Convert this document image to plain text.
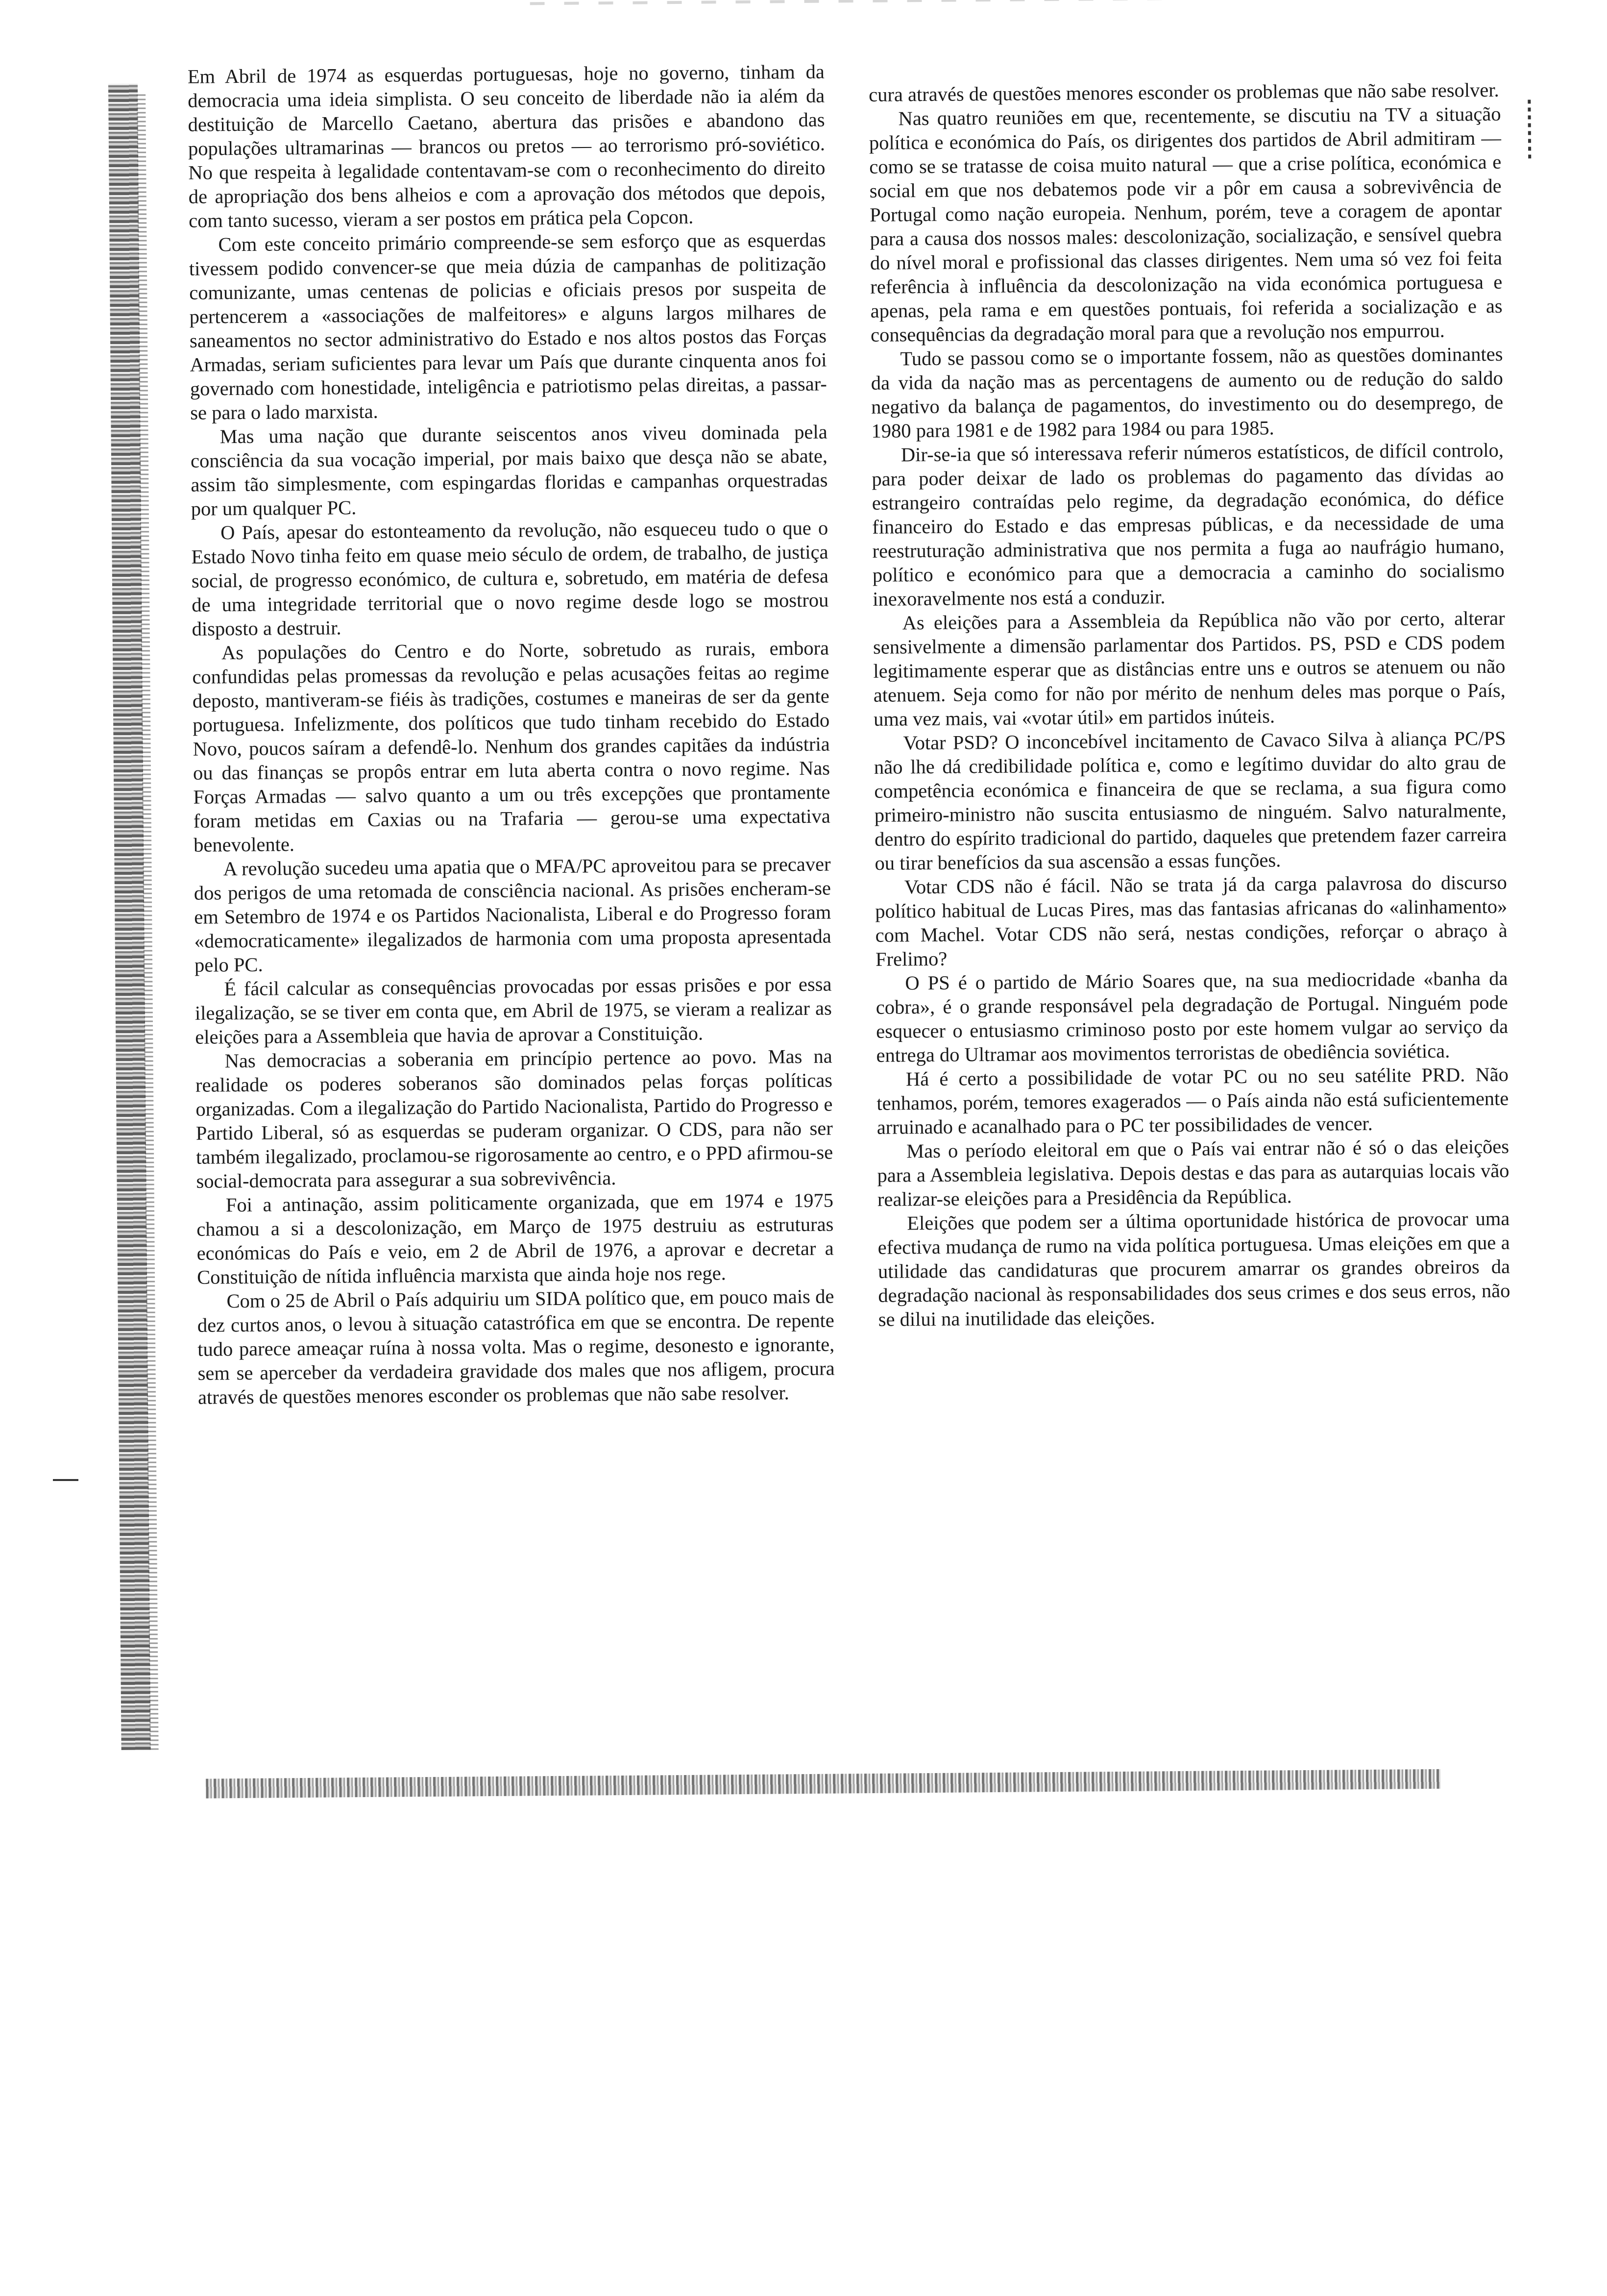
Em Abril de 1974 as esquerdas portuguesas, hoje no governo, tinham da democracia uma ideia simplista. O seu conceito de liberdade não ia além da destituição de Marcello Caetano, abertura das prisões e abandono das populações ultramarinas — brancos ou pretos — ao terrorismo pró-soviético. No que respeita à legalidade contentavam-se com o reconhecimento do direito de apropriação dos bens alheios e com a aprovação dos métodos que depois, com tanto sucesso, vieram a ser postos em prática pela Copcon.

Com este conceito primário compreende-se sem esforço que as esquerdas tivessem podido convencer-se que meia dúzia de campanhas de politização comunizante, umas centenas de policias e oficiais presos por suspeita de pertencerem a «associações de malfeitores» e alguns largos milhares de saneamentos no sector administrativo do Estado e nos altos postos das Forças Armadas, seriam suficientes para levar um País que durante cinquenta anos foi governado com honestidade, inteligência e patriotismo pelas direitas, a passar-se para o lado marxista.

Mas uma nação que durante seiscentos anos viveu dominada pela consciência da sua vocação imperial, por mais baixo que desça não se abate, assim tão simplesmente, com espingardas floridas e campanhas orquestradas por um qualquer PC.

O País, apesar do estonteamento da revolução, não esqueceu tudo o que o Estado Novo tinha feito em quase meio século de ordem, de trabalho, de justiça social, de progresso económico, de cultura e, sobretudo, em matéria de defesa de uma integridade territorial que o novo regime desde logo se mostrou disposto a destruir.

As populações do Centro e do Norte, sobretudo as rurais, embora confundidas pelas promessas da revolução e pelas acusações feitas ao regime deposto, mantiveram-se fiéis às tradições, costumes e maneiras de ser da gente portuguesa. Infelizmente, dos políticos que tudo tinham recebido do Estado Novo, poucos saíram a defendê-lo. Nenhum dos grandes capitães da indústria ou das finanças se propôs entrar em luta aberta contra o novo regime. Nas Forças Armadas — salvo quanto a um ou três excepções que prontamente foram metidas em Caxias ou na Trafaria — gerou-se uma expectativa benevolente.

A revolução sucedeu uma apatia que o MFA/PC aproveitou para se precaver dos perigos de uma retomada de consciência nacional. As prisões encheram-se em Setembro de 1974 e os Partidos Nacionalista, Liberal e do Progresso foram «democraticamente» ilegalizados de harmonia com uma proposta apresentada pelo PC.

É fácil calcular as consequências provocadas por essas prisões e por essa ilegalização, se se tiver em conta que, em Abril de 1975, se vieram a realizar as eleições para a Assembleia que havia de aprovar a Constituição.

Nas democracias a soberania em princípio pertence ao povo. Mas na realidade os poderes soberanos são dominados pelas forças políticas organizadas. Com a ilegalização do Partido Nacionalista, Partido do Progresso e Partido Liberal, só as esquerdas se puderam organizar. O CDS, para não ser também ilegalizado, proclamou-se rigorosamente ao centro, e o PPD afirmou-se social-democrata para assegurar a sua sobrevivência.

Foi a antinação, assim politicamente organizada, que em 1974 e 1975 chamou a si a descolonização, em Março de 1975 destruiu as estruturas económicas do País e veio, em 2 de Abril de 1976, a aprovar e decretar a Constituição de nítida influência marxista que ainda hoje nos rege.

Com o 25 de Abril o País adquiriu um SIDA político que, em pouco mais de dez curtos anos, o levou à situação catastrófica em que se encontra. De repente tudo parece ameaçar ruína à nossa volta. Mas o regime, desonesto e ignorante, sem se aperceber da verdadeira gravidade dos males que nos afligem, procura através de questões menores esconder os problemas que não sabe resolver.

cura através de questões menores esconder os problemas que não sabe resolver.

Nas quatro reuniões em que, recentemente, se discutiu na TV a situação política e económica do País, os dirigentes dos partidos de Abril admitiram — como se se tratasse de coisa muito natural — que a crise política, económica e social em que nos debatemos pode vir a pôr em causa a sobrevivência de Portugal como nação europeia. Nenhum, porém, teve a coragem de apontar para a causa dos nossos males: descolonização, socialização, e sensível quebra do nível moral e profissional das classes dirigentes. Nem uma só vez foi feita referência à influência da descolonização na vida económica portuguesa e apenas, pela rama e em questões pontuais, foi referida a socialização e as consequências da degradação moral para que a revolução nos empurrou.

Tudo se passou como se o importante fossem, não as questões dominantes da vida da nação mas as percentagens de aumento ou de redução do saldo negativo da balança de pagamentos, do investimento ou do desemprego, de 1980 para 1981 e de 1982 para 1984 ou para 1985.

Dir-se-ia que só interessava referir números estatísticos, de difícil controlo, para poder deixar de lado os problemas do pagamento das dívidas ao estrangeiro contraídas pelo regime, da degradação económica, do défice financeiro do Estado e das empresas públicas, e da necessidade de uma reestruturação administrativa que nos permita a fuga ao naufrágio humano, político e económico para que a democracia a caminho do socialismo inexoravelmente nos está a conduzir.

As eleições para a Assembleia da República não vão por certo, alterar sensivelmente a dimensão parlamentar dos Partidos. PS, PSD e CDS podem legitimamente esperar que as distâncias entre uns e outros se atenuem ou não atenuem. Seja como for não por mérito de nenhum deles mas porque o País, uma vez mais, vai «votar útil» em partidos inúteis.

Votar PSD? O inconcebível incitamento de Cavaco Silva à aliança PC/PS não lhe dá credibilidade política e, como e legítimo duvidar do alto grau de competência económica e financeira de que se reclama, a sua figura como primeiro-ministro não suscita entusiasmo de ninguém. Salvo naturalmente, dentro do espírito tradicional do partido, daqueles que pretendem fazer carreira ou tirar benefícios da sua ascensão a essas funções.

Votar CDS não é fácil. Não se trata já da carga palavrosa do discurso político habitual de Lucas Pires, mas das fantasias africanas do «alinhamento» com Machel. Votar CDS não será, nestas condições, reforçar o abraço à Frelimo?

O PS é o partido de Mário Soares que, na sua mediocridade «banha da cobra», é o grande responsável pela degradação de Portugal. Ninguém pode esquecer o entusiasmo criminoso posto por este homem vulgar ao serviço da entrega do Ultramar aos movimentos terroristas de obediência soviética.

Há é certo a possibilidade de votar PC ou no seu satélite PRD. Não tenhamos, porém, temores exagerados — o País ainda não está suficientemente arruinado e acanalhado para o PC ter possibilidades de vencer.

Mas o período eleitoral em que o País vai entrar não é só o das eleições para a Assembleia legislativa. Depois destas e das para as autarquias locais vão realizar-se eleições para a Presidência da República.

Eleições que podem ser a última oportunidade histórica de provocar uma efectiva mudança de rumo na vida política portuguesa. Umas eleições em que a utilidade das candidaturas que procurem amarrar os grandes obreiros da degradação nacional às responsabilidades dos seus crimes e dos seus erros, não se dilui na inutilidade das eleições.
